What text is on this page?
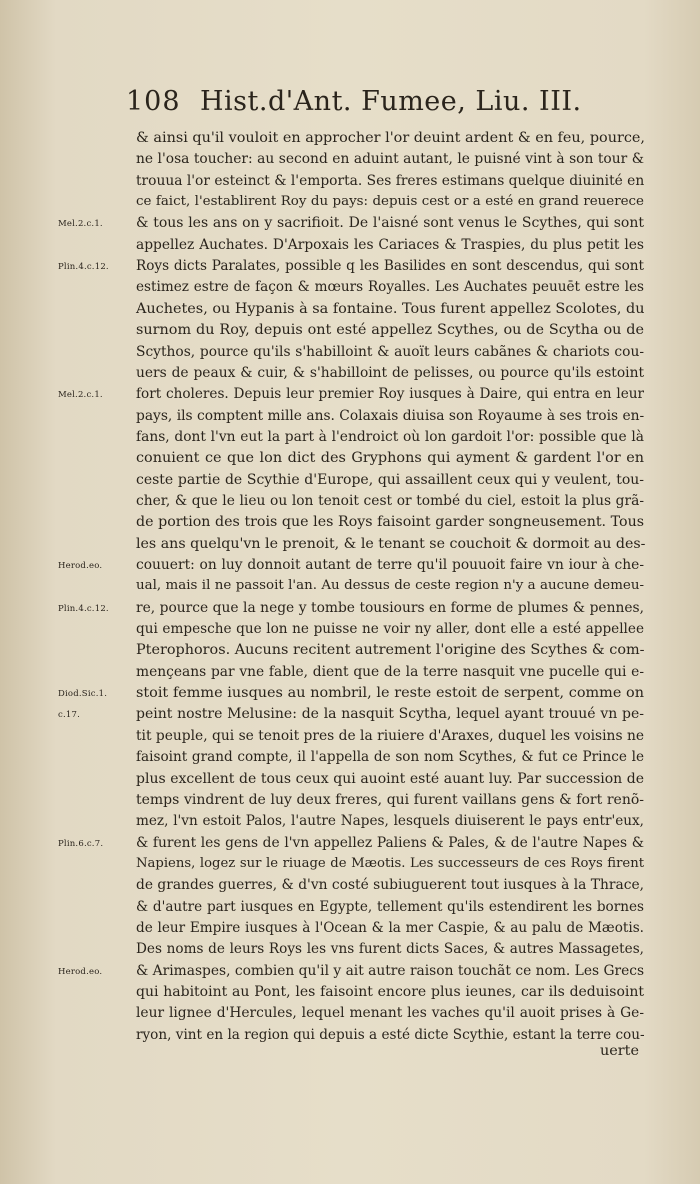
108 Hist.d'Ant. Fumee, Liu. III.
& ainsi qu'il vouloit en approcher l'or deuint ardent & en feu, pource,
ne l'osa toucher: au second en aduint autant, le puisné vint à son tour &
trouua l'or esteinct & l'emporta. Ses freres estimans quelque diuinité en
ce faict, l'establirent Roy du pays: depuis cest or a esté en grand reuerece
& tous les ans on y sacrifioit. De l'aisné sont venus le Scythes, qui sont
appellez Auchates. D'Arpoxais les Cariaces & Traspies, du plus petit les
Roys dicts Paralates, possible q les Basilides en sont descendus, qui sont
estimez estre de façon & mœurs Royalles. Les Auchates peuuēt estre les
Auchetes, ou Hypanis à sa fontaine. Tous furent appellez Scolotes, du
surnom du Roy, depuis ont esté appellez Scythes, ou de Scytha ou de
Scythos, pource qu'ils s'habilloint & auoït leurs cabãnes & chariots cou-
uers de peaux & cuir, & s'habilloint de pelisses, ou pource qu'ils estoint
fort choleres. Depuis leur premier Roy iusques à Daire, qui entra en leur
pays, ils comptent mille ans. Colaxais diuisa son Royaume à ses trois en-
fans, dont l'vn eut la part à l'endroict où lon gardoit l'or: possible que là
conuient ce que lon dict des Gryphons qui ayment & gardent l'or en
ceste partie de Scythie d'Europe, qui assaillent ceux qui y veulent, tou-
cher, & que le lieu ou lon tenoit cest or tombé du ciel, estoit la plus grã-
de portion des trois que les Roys faisoint garder songneusement. Tous
les ans quelqu'vn le prenoit, & le tenant se couchoit & dormoit au des-
couuert: on luy donnoit autant de terre qu'il pouuoit faire vn iour à che-
ual, mais il ne passoit l'an. Au dessus de ceste region n'y a aucune demeu-
re, pource que la nege y tombe tousiours en forme de plumes & pennes,
qui empesche que lon ne puisse ne voir ny aller, dont elle a esté appellee
Pterophoros. Aucuns recitent autrement l'origine des Scythes & com-
mençeans par vne fable, dient que de la terre nasquit vne pucelle qui e-
stoit femme iusques au nombril, le reste estoit de serpent, comme on
peint nostre Melusine: de la nasquit Scytha, lequel ayant trouué vn pe-
tit peuple, qui se tenoit pres de la riuiere d'Araxes, duquel les voisins ne
faisoint grand compte, il l'appella de son nom Scythes, & fut ce Prince le
plus excellent de tous ceux qui auoint esté auant luy. Par succession de
temps vindrent de luy deux freres, qui furent vaillans gens & fort renõ-
mez, l'vn estoit Palos, l'autre Napes, lesquels diuiserent le pays entr'eux,
& furent les gens de l'vn appellez Paliens & Pales, & de l'autre Napes &
Napiens, logez sur le riuage de Mæotis. Les successeurs de ces Roys firent
de grandes guerres, & d'vn costé subiuguerent tout iusques à la Thrace,
& d'autre part iusques en Egypte, tellement qu'ils estendirent les bornes
de leur Empire iusques à l'Ocean & la mer Caspie, & au palu de Mæotis.
Des noms de leurs Roys les vns furent dicts Saces, & autres Massagetes,
& Arimaspes, combien qu'il y ait autre raison touchãt ce nom. Les Grecs
qui habitoint au Pont, les faisoint encore plus ieunes, car ils deduisoint
leur lignee d'Hercules, lequel menant les vaches qu'il auoit prises à Ge-
ryon, vint en la region qui depuis a esté dicte Scythie, estant la terre cou-
Mel.2.c.1.
Plin.4.c.12.
Mel.2.c.1.
Herod.eo.
Plin.4.c.12.
Diod.Sic.1.
c.17.
Plin.6.c.7.
Herod.eo.
uerte
